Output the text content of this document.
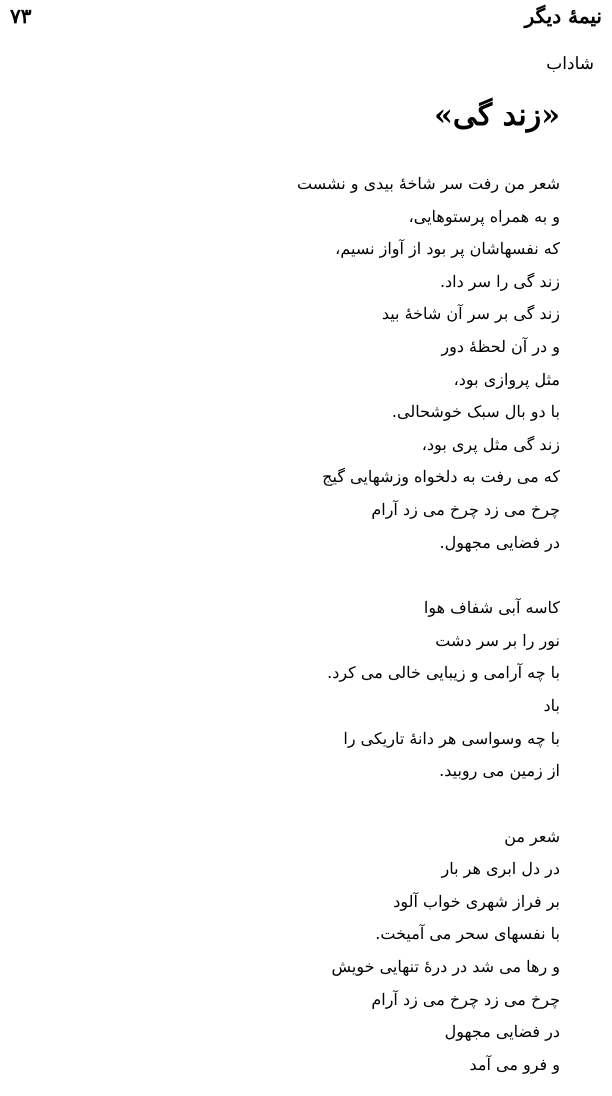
نیمهٔ دیگر
۷۳
شاداب
«زند گی»
شعر من رفت سر شاخهٔ بیدی و نشست
و به همراه پرستوهایی،
که نفسهاشان پر بود از آواز نسیم،
زند گی را سر داد.
زند گی بر سر آن شاخهٔ بید
و در آن لحظهٔ دور
مثل پروازی بود،
با دو بال سبک خوشحالی.
زند گی مثل پری بود،
که می رفت به دلخواه وزشهایی گیج
چرخ می زد چرخ می زد آرام
در فضایی مجهول.
کاسه آبی شفاف هوا
نور را بر سر دشت
با چه آرامی و زیبایی خالی می کرد.
باد
با چه وسواسی هر دانهٔ تاریکی را
از زمین می روبید.
شعر من
در دل ابری هر بار
بر فراز شهری خواب آلود
با نفسهای سحر می آمیخت.
و رها می شد در درهٔ تنهایی خویش
چرخ می زد چرخ می زد آرام
در فضایی مجهول
و فرو می آمد
